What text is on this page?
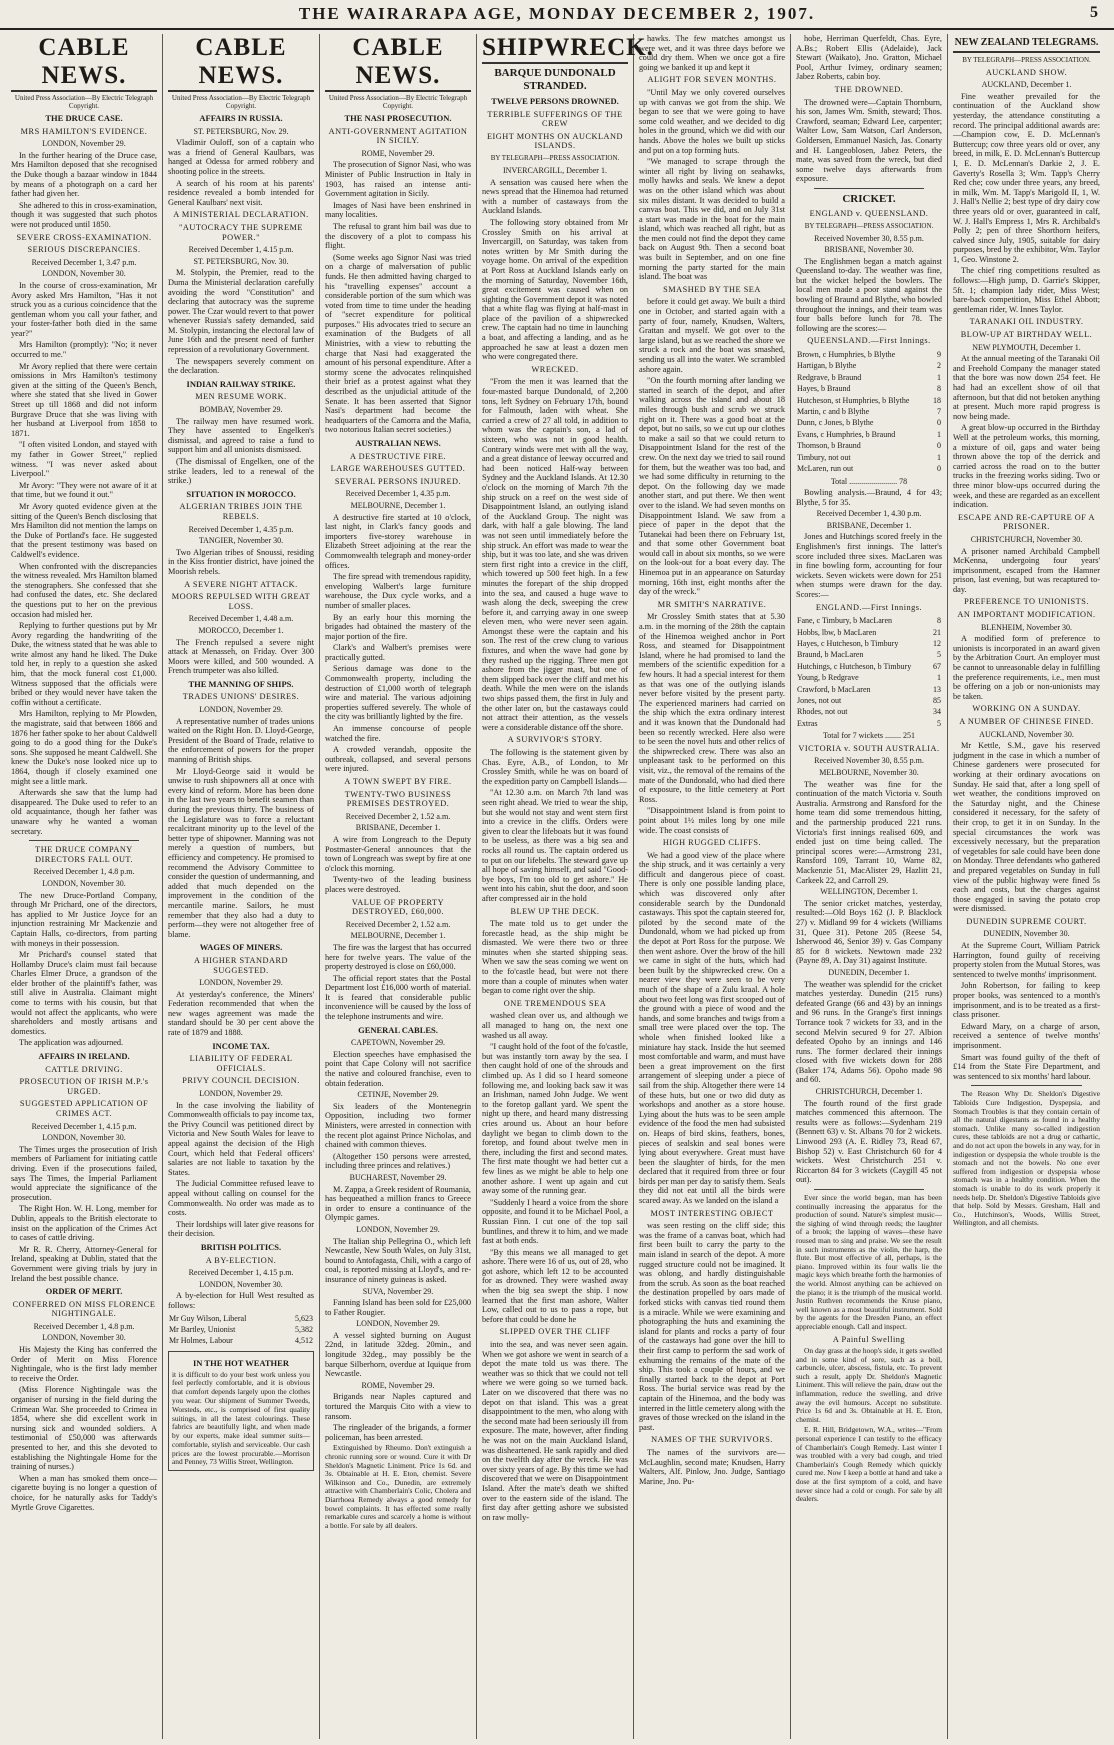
THE WAIRARAPA AGE, MONDAY DECEMBER 2, 1907.	5
CABLE NEWS.
United Press Association—By Electric Telegraph Copyright.
THE DRUCE CASE.
MRS HAMILTON'S EVIDENCE.
LONDON, November 29.

In the further hearing of the Druce case, Mrs Hamilton deposed that she recognised the Duke though a bazaar window in 1844 by means of a photograph on a card her father had given her.

She adhered to this in cross-examination, though it was suggested that such photos were not produced until 1850.

SEVERE CROSS-EXAMINATION.
SERIOUS DISCREPANCIES.
Received December 1, 3.47 p.m.
LONDON, November 30.

In the course of cross-examination, Mr Avory asked Mrs Hamilton, "Has it not struck you as a curious coincidence that the gentleman whom you call your father, and your foster-father both died in the same year?"

Mrs Hamilton (promptly): "No; it never occurred to me."

Mr Avory replied that there were certain omissions in Mrs Hamilton's testimony given at the sitting of the Queen's Bench, where she stated that she lived in Gower Street up till 1868 and did not inform Burgrave Druce that she was living with her husband at Liverpool from 1858 to 1871.

"I often visited London, and stayed with my father in Gower Street," replied witness. "I was never asked about Liverpool."

Mr Avory: "They were not aware of it at that time, but we found it out."

Mr Avory quoted evidence given at the sitting of the Queen's Bench disclosing that Mrs Hamilton did not mention the lamps on the Duke of Portland's face. He suggested that the present testimony was based on Caldwell's evidence.

When confronted with the discrepancies the witness revealed. Mrs Hamilton blamed the stenographers. She confessed that she had confused the dates, etc. She declared the questions put to her on the previous occasion had misled her.

Replying to further questions put by Mr Avory regarding the handwriting of the Duke, the witness stated that he was able to write almost any hand he liked. The Duke told her, in reply to a question she asked him, that the mock funeral cost £1,000. Witness supposed that the officials were bribed or they would never have taken the coffin without a certificate.

Mrs Hamilton, replying to Mr Plowden, the magistrate, said that between 1866 and 1876 her father spoke to her about Caldwell going to do a good thing for the Duke's sons. She supposed he meant Caldwell. She knew the Duke's nose looked nice up to 1864, though if closely examined one might see a little mark.

Afterwards she saw that the lump had disappeared. The Duke used to refer to an old acquaintance, though her father was unaware why he wanted a woman secretary.

THE DRUCE COMPANY DIRECTORS FALL OUT.
Received December 1, 4.8 p.m.
LONDON, November 30.

The new Druce-Portland Company, through Mr Prichard, one of the directors, has applied to Mr Justice Joyce for an injunction restraining Mr Mackenzie and Captain Halls, co-directors, from parting with moneys in their possession.

Mr Prichard's counsel stated that Hollamby Druce's claim must fail because Charles Elmer Druce, a grandson of the elder brother of the plaintiff's father, was still alive in Australia. Claimant might come to terms with his cousin, but that would not affect the applicants, who were shareholders and mostly artisans and domestics.

The application was adjourned.

AFFAIRS IN IRELAND.
CATTLE DRIVING.
PROSECUTION OF IRISH M.P.'s URGED.
SUGGESTED APPLICATION OF CRIMES ACT.
Received December 1, 4.15 p.m.
LONDON, November 30.

The Times urges the prosecution of Irish members of Parliament for initiating cattle driving. Even if the prosecutions failed, says The Times, the Imperial Parliament would appreciate the significance of the prosecution.

The Right Hon. W. H. Long, member for Dublin, appeals to the British electorate to insist on the application of the Crimes Act to cases of cattle driving.

Mr R. R. Cherry, Attorney-General for Ireland, speaking at Dublin, stated that the Government were giving trials by jury in Ireland the best possible chance.

ORDER OF MERIT.
CONFERRED ON MISS FLORENCE NIGHTINGALE.
Received December 1, 4.8 p.m.
LONDON, November 30.

His Majesty the King has conferred the Order of Merit on Miss Florence Nightingale, who is the first lady member to receive the Order.

(Miss Florence Nightingale was the organiser of nursing in the field during the Crimean War. She proceeded to Crimea in 1854, where she did excellent work in nursing sick and wounded soldiers. A testimonial of £50,000 was afterwards presented to her, and this she devoted to establishing the Nightingale Home for the training of nurses.)

When a man has smoked them once—cigarette buying is no longer a question of choice, for he naturally asks for Taddy's Myrtle Grove Cigarettes.

CABLE NEWS.
United Press Association—By Electric Telegraph Copyright.
AFFAIRS IN RUSSIA.
ST. PETERSBURG, Nov. 29.

Vladimir Ouloff, son of a captain who was a friend of General Kaulbars, was hanged at Odessa for armed robbery and shooting police in the streets.

A search of his room at his parents' residence revealed a bomb intended for General Kaulbars' next visit.

A MINISTERIAL DECLARATION.
"AUTOCRACY THE SUPREME POWER."
Received December 1, 4.15 p.m.
ST. PETERSBURG, Nov. 30.

M. Stolypin, the Premier, read to the Duma the Ministerial declaration carefully avoiding the word "Constitution" and declaring that autocracy was the supreme power. The Czar would revert to that power whenever Russia's safety demanded, said M. Stolypin, instancing the electoral law of June 16th and the present need of further repression of a revolutionary Government.

The newspapers severely comment on the declaration.

INDIAN RAILWAY STRIKE.
MEN RESUME WORK.
BOMBAY, November 29.

The railway men have resumed work. They have assented to Engelken's dismissal, and agreed to raise a fund to support him and all unionists dismissed.

(The dismissal of Engelken, one of the strike leaders, led to a renewal of the strike.)

SITUATION IN MOROCCO.
ALGERIAN TRIBES JOIN THE REBELS.
Received December 1, 4.35 p.m.
TANGIER, November 30.

Two Algerian tribes of Snoussi, residing in the Kiss frontier district, have joined the Moorish rebels.

A SEVERE NIGHT ATTACK.
MOORS REPULSED WITH GREAT LOSS.
Received December 1, 4.48 a.m.
MOROCCO, December 1.

The French repulsed a severe night attack at Menasseh, on Friday. Over 300 Moors were killed, and 500 wounded. A French trumpeter was also killed.

THE MANNING OF SHIPS.
TRADES UNIONS' DESIRES.
LONDON, November 29.

A representative number of trades unions waited on the Right Hon. D. Lloyd-George, President of the Board of Trade, relative to the enforcement of powers for the proper manning of British ships.

Mr Lloyd-George said it would be unwise to rush shipowners all at once with every kind of reform. More has been done in the last two years to benefit seamen than during the previous thirty. The business of the Legislature was to force a reluctant recalcitrant minority up to the level of the better type of shipowner. Manning was not merely a question of numbers, but efficiency and competency. He promised to recommend the Advisory Committee to consider the question of undermanning, and added that much depended on the improvement in the condition of the mercantile marine. Sailors, he must remember that they also had a duty to perform—they were not altogether free of blame.

WAGES OF MINERS.
A HIGHER STANDARD SUGGESTED.
LONDON, November 29.

At yesterday's conference, the Miners' Federation recommended that when the new wages agreement was made the standard should be 30 per cent above the rate of 1879 and 1888.

INCOME TAX.
LIABILITY OF FEDERAL OFFICIALS.
PRIVY COUNCIL DECISION.
LONDON, November 29.

In the case involving the liability of Commonwealth officials to pay income tax, the Privy Council was petitioned direct by Victoria and New South Wales for leave to appeal against the decision of the High Court, which held that Federal officers' salaries are not liable to taxation by the States.

The Judicial Committee refused leave to appeal without calling on counsel for the Commonwealth. No order was made as to costs.

Their lordships will later give reasons for their decision.

BRITISH POLITICS.
A BY-ELECTION.
Received December 1, 4.15 p.m.
LONDON, November 30.

A by-election for Hull West resulted as follows:

Mr Guy Wilson, Liberal	5,623
Mr Bartley, Unionist	5,382
Mr Holmes, Labour	4,512
IN THE HOT WEATHER
it is difficult to do your best work unless you feel perfectly comfortable, and it is obvious that comfort depends largely upon the clothes you wear. Our shipment of Summer Tweeds, Worsteds, etc., is comprised of first quality suitings, in all the latest colourings. These fabrics are beautifully light, and when made by our experts, make ideal summer suits—comfortable, stylish and serviceable. Our cash prices are the lowest procurable.—Morrison and Penney, 73 Willis Street, Wellington.
CABLE NEWS.
United Press Association—By Electric Telegraph Copyright.
THE NASI PROSECUTION.
ANTI-GOVERNMENT AGITATION IN SICILY.
ROME, November 29.

The prosecution of Signor Nasi, who was Minister of Public Instruction in Italy in 1903, has raised an intense anti-Government agitation in Sicily.

Images of Nasi have been enshrined in many localities.

The refusal to grant him bail was due to the discovery of a plot to compass his flight.

(Some weeks ago Signor Nasi was tried on a charge of malversation of public funds. He then admitted having charged to his "travelling expenses" account a considerable portion of the sum which was voted from time to time under the heading of "secret expenditure for political purposes." His advocates tried to secure an examination of the Budgets of all Ministries, with a view to rebutting the charge that Nasi had exaggerated the amount of his personal expenditure. After a stormy scene the advocates relinquished their brief as a protest against what they described as the unjudicial attitude of the Senate. It has been asserted that Signor Nasi's department had become the headquarters of the Camorra and the Mafia, two notorious Italian secret societies.)

AUSTRALIAN NEWS.
A DESTRUCTIVE FIRE.
LARGE WAREHOUSES GUTTED.
SEVERAL PERSONS INJURED.
Received December 1, 4.35 p.m.
MELBOURNE, December 1.

A destructive fire started at 10 o'clock, last night, in Clark's fancy goods and importers five-storey warehouse in Elizabeth Street adjoining at the rear the Commonwealth telegraph and money-order offices.

The fire spread with tremendous rapidity, enveloping Walbert's large furniture warehouse, the Dux cycle works, and a number of smaller places.

By an early hour this morning the brigades had obtained the mastery of the major portion of the fire.

Clark's and Walbert's premises were practically gutted.

Serious damage was done to the Commonwealth property, including the destruction of £1,000 worth of telegraph wire and material. The various adjoining properties suffered severely. The whole of the city was brilliantly lighted by the fire.

An immense concourse of people watched the fire.

A crowded verandah, opposite the outbreak, collapsed, and several persons were injured.

A TOWN SWEPT BY FIRE.
TWENTY-TWO BUSINESS PREMISES DESTROYED.
Received December 2, 1.52 a.m.
BRISBANE, December 1.

A wire from Longreach to the Deputy Postmaster-General announces that the town of Longreach was swept by fire at one o'clock this morning.

Twenty-two of the leading business places were destroyed.

VALUE OF PROPERTY DESTROYED, £60,000.
Received December 2, 1.52 a.m.
MELBOURNE, December 1.

The fire was the largest that has occurred here for twelve years. The value of the property destroyed is close on £60,000.

The official report states that the Postal Department lost £16,000 worth of material. It is feared that considerable public inconvenience will be caused by the loss of the telephone instruments and wire.

GENERAL CABLES.
CAPETOWN, November 29.

Election speeches have emphasised the point that Cape Colony will not sacrifice the native and coloured franchise, even to obtain federation.

CETINJE, November 29.

Six leaders of the Montenegrin Opposition, including two former Ministers, were arrested in connection with the recent plot against Prince Nicholas, and chained with common thieves.

(Altogether 150 persons were arrested, including three princes and relatives.)

BUCHAREST, November 29.

M. Zappa, a Greek resident of Roumania, has bequeathed a million francs to Greece in order to ensure a continuance of the Olympic games.

LONDON, November 29.

The Italian ship Pellegrina O., which left Newcastle, New South Wales, on July 31st, bound to Antofagasta, Chili, with a cargo of coal, is reported missing at Lloyd's, and re-insurance of ninety guineas is asked.

SUVA, November 29.

Fanning Island has been sold for £25,000 to Father Rougier.

LONDON, November 29.

A vessel sighted burning on August 22nd, in latitude 32deg. 20min., and longitude 32deg., may possibly be the barque Silberhorn, overdue at Iquique from Newcastle.

ROME, November 29.

Brigands near Naples captured and tortured the Marquis Cito with a view to ransom.

The ringleader of the brigands, a former policeman, has been arrested.

Extinguished by Rheumo. Don't extinguish a chronic running sore or wound. Cure it with Dr Sheldon's Magnetic Liniment. Price 1s 6d. and 3s. Obtainable at H. E. Eton, chemist. Severe Wilkinson and Co., Dunedin, are extremely attractive with Chamberlain's Colic, Cholera and Diarrhoea Remedy always a good remedy for bowel complaints. It has effected some really remarkable cures and scarcely a home is without a bottle. For sale by all dealers.

SHIPWRECK.
BARQUE DUNDONALD STRANDED.
TWELVE PERSONS DROWNED.
TERRIBLE SUFFERINGS OF THE CREW
EIGHT MONTHS ON AUCKLAND ISLANDS.
BY TELEGRAPH—PRESS ASSOCIATION.
INVERCARGILL, December 1.

A sensation was caused here when the news spread that the Hinemoa had returned with a number of castaways from the Auckland Islands.

The following story obtained from Mr Crossley Smith on his arrival at Invercargill, on Saturday, was taken from notes written by Mr Smith during the voyage home. On arrival of the expedition at Port Ross at Auckland Islands early on the morning of Saturday, November 16th, great excitement was caused when on sighting the Government depot it was noted that a white flag was flying at half-mast in place of the pavilion of a shipwrecked crew. The captain had no time in launching a boat, and affecting a landing, and as he approached he saw at least a dozen men who were congregated there.

WRECKED.

"From the men it was learned that the four-masted barque Dundonald, of 2,200 tons, left Sydney on February 17th, bound for Falmouth, laden with wheat. She carried a crew of 27 all told, in addition to whom was the captain's son, a lad of sixteen, who was not in good health. Contrary winds were met with all the way, and a great distance of leeway occurred and had been noticed Half-way between Sydney and the Auckland Islands. At 12.30 o'clock on the morning of March 7th the ship struck on a reef on the west side of Disappointment Island, an outlying island of the Auckland Group. The night was dark, with half a gale blowing. The land was not seen until immediately before the ship struck. An effort was made to wear the ship, but it was too late, and she was driven stern first right into a crevice in the cliff, which towered up 500 feet high. In a few minutes the forepart of the ship dropped into the sea, and caused a huge wave to wash along the deck, sweeping the crew before it, and carrying away in one sweep eleven men, who were never seen again. Amongst these were the captain and his son. The rest of the crew clung to various fixtures, and when the wave had gone by they rushed up the rigging. Three men got ashore from the jigger mast, but one of them slipped back over the cliff and met his death. While the men were on the islands two ships passed them, the first in July and the other later on, but the castaways could not attract their attention, as the vessels were a considerable distance off the shore.

A SURVIVOR'S STORY.

The following is the statement given by Chas. Eyre, A.B., of London, to Mr Crossley Smith, while he was on board of the expedition party on Campbell Islands—

"At 12.30 a.m. on March 7th land was seen right ahead. We tried to wear the ship, but she would not stay and went stern first into a crevice in the cliffs. Orders were given to clear the lifeboats but it was found to be useless, as there was a big sea and rocks all round us. The captain ordered us to put on our lifebelts. The steward gave up all hope of saving himself, and said "Good-bye boys, I'm too old to get ashore." He went into his cabin, shut the door, and soon after compressed air in the hold

BLEW UP THE DECK.

The mate told us to get under the forecastle head, as the ship might be dismasted. We were there two or three minutes when she started shipping seas. When we saw the seas coming we went on to the fo'castle head, but were not there more than a couple of minutes when water began to come right over the ship.

ONE TREMENDOUS SEA

washed clean over us, and although we all managed to hang on, the next one washed us all away.

"I caught hold of the foot of the fo'castle, but was instantly torn away by the sea. I then caught hold of one of the shrouds and climbed up. As I did so I heard someone following me, and looking back saw it was an Irishman, named John Judge. We went to the foretop gallant yard. We spent the night up there, and heard many distressing cries around us. About an hour before daylight we began to climb down to the foretop, and found about twelve men in there, including the first and second mates. The first mate thought we had better cut a few lines as we might be able to help one another ashore. I went up again and cut away some of the running gear.

"Suddenly I heard a voice from the shore opposite, and found it to be Michael Pool, a Russian Finn. I cut one of the top sail buntlines, and threw it to him, and we made fast at both ends.

"By this means we all managed to get ashore. There were 16 of us, out of 28, who got ashore, which left 12 to be accounted for as drowned. They were washed away when the big sea swept the ship. I now learned that the first man ashore, Walter Low, called out to us to pass a rope, but before that could be done he

SLIPPED OVER THE CLIFF

into the sea, and was never seen again. When we got ashore we went in search of a depot the mate told us was there. The weather was so thick that we could not tell where we were going so we turned back. Later on we discovered that there was no depot on that island. This was a great disappointment to the men, who along with the second mate had been seriously ill from exposure. The mate, however, after finding he was not on the main Auckland Island, was disheartened. He sank rapidly and died on the twelfth day after the wreck. He was over sixty years of age. By this time we had discovered that we were on Disappointment Island. After the mate's death we shifted over to the eastern side of the island. The first day after getting ashore we subsisted on raw molly-

hawks. The few matches amongst us were wet, and it was three days before we could dry them. When we once got a fire going we banked it up and kept it

ALIGHT FOR SEVEN MONTHS.

"Until May we only covered ourselves up with canvas we got from the ship. We began to see that we were going to have some cold weather, and we decided to dig holes in the ground, which we did with our hands. Above the holes we built up sticks and put on a top forming huts.

"We managed to scrape through the winter all right by living on seahawks, molly hawks and seals. We knew a depot was on the other island which was about six miles distant. It was decided to build a canvas boat. This we did, and on July 31st a start was made in the boat for the main island, which was reached all right, but as the men could not find the depot they came back on August 9th. Then a second boat was built in September, and on one fine morning the party started for the main island. The boat was

SMASHED BY THE SEA

before it could get away. We built a third one in October, and started again with a party of four, namely, Knudsen, Walters, Grattan and myself. We got over to the large island, but as we reached the shore we struck a rock and the boat was smashed, sending us all into the water. We scrambled ashore again.

"On the fourth morning after landing we started in search of the depot, and after walking across the island and about 18 miles through bush and scrub we struck right on it. There was a good boat at the depot, but no sails, so we cut up our clothes to make a sail so that we could return to Disappointment Island for the rest of the crew. On the next day we tried to sail round for them, but the weather was too bad, and we had some difficulty in returning to the depot. On the following day we made another start, and put there. We then went over to the island. We had seven months on Disappointment Island. We saw from a piece of paper in the depot that the Tutanekai had been there on February 1st, and that some other Government boat would call in about six months, so we were on the look-out for a boat every day. The Hinemoa put in an appearance on Saturday morning, 16th inst, eight months after the day of the wreck."

MR SMITH'S NARRATIVE.

Mr Crossley Smith states that at 5.30 a.m. in the morning of the 28th the captain of the Hinemoa weighed anchor in Port Ross, and steamed for Disappointment Island, where he had promised to land the members of the scientific expedition for a few hours. It had a special interest for them as that was one of the outlying islands never before visited by the present party. The experienced mariners had carried on the ship which the extra ordinary interest and it was known that the Dundonald had been so recently wrecked. Here also were to be seen the novel huts and other relics of the shipwrecked crew. There was also an unpleasant task to be performed on this visit, viz., the removal of the remains of the mate of the Dundonald, who had died there of exposure, to the little cemetery at Port Ross.

"Disappointment Island is from point to point about 1½ miles long by one mile wide. The coast consists of

HIGH RUGGED CLIFFS.

We had a good view of the place where the ship struck, and it was certainly a very difficult and dangerous piece of coast. There is only one possible landing place, which was discovered only after considerable search by the Dundonald castaways. This spot the captain steered for, piloted by the second mate of the Dundonald, whom we had picked up from the depot at Port Ross for the purpose. We then went ashore. Over the brow of the hill we came in sight of the huts, which had been built by the shipwrecked crew. On a nearer view they were seen to be very much of the shape of a Zulu kraal. A hole about two feet long was first scooped out of the ground with a piece of wood and the hands, and some branches and twigs from a small tree were placed over the top. The whole when finished looked like a miniature hay stack. Inside the hut seemed most comfortable and warm, and must have been a great improvement on the first arrangement of sleeping under a piece of sail from the ship. Altogether there were 14 of these huts, but one or two did duty as workshops and another as a store house. Lying about the huts was to be seen ample evidence of the food the men had subsisted on. Heaps of bird skins, feathers, bones, pieces of sealskin and seal bones were lying about everywhere. Great must have been the slaughter of birds, for the men declared that it required from three or four birds per man per day to satisfy them. Seals they did not eat until all the birds were scared away. As we landed on the island a

MOST INTERESTING OBJECT

was seen resting on the cliff side; this was the frame of a canvas boat, which had first been built to carry the party to the main island in search of the depot. A more rugged structure could not be imagined. It was oblong, and hardly distinguishable from the scrub. As soon as the boat reached the destination propelled by oars made of forked sticks with canvas tied round them is a miracle. While we were examining and photographing the huts and examining the island for plants and rocks a party of four of the castaways had gone over the hill to their first camp to perform the sad work of exhuming the remains of the mate of the ship. This took a couple of hours, and we finally started back to the depot at Port Ross. The burial service was read by the captain of the Hinemoa, and the body was interred in the little cemetery along with the graves of those wrecked on the island in the past.

NAMES OF THE SURVIVORS.

The names of the survivors are—McLaughlin, second mate; Knudsen, Harry Walters, Alf. Pinlow, Jno. Judge, Santiago Marine, Jno. Pu-

hobe, Herriman Querfeldt, Chas. Eyre, A.Bs.; Robert Ellis (Adelaide), Jack Stewart (Waikato), Jno. Gratton, Michael Pool, Arthur Ivimey, ordinary seamen; Jabez Roberts, cabin boy.

THE DROWNED.

The drowned were—Captain Thornburn, his son, James Wm. Smith, steward; Thos. Crawford, seaman; Edward Lee, carpenter; Walter Low, Sam Watson, Carl Anderson, Goldersen, Emmanuel Nasich, Jas. Conarty and H. Langeoblosen, Jabez Peters, the mate, was saved from the wreck, but died some twelve days afterwards from exposure.

CRICKET.
ENGLAND v. QUEENSLAND.
BY TELEGRAPH—PRESS ASSOCIATION.
Received November 30, 8.55 p.m.
BRISBANE, November 30.

The Englishmen began a match against Queensland to-day. The weather was fine, but the wicket helped the bowlers. The local men made a poor stand against the bowling of Braund and Blythe, who bowled throughout the innings, and their team was four balls before lunch for 78. The following are the scores:—

QUEENSLAND.—First Innings.
Brown, c Humphries, b Blythe	9
Hartigan, b Blythe	2
Redgrave, b Braund	1
Hayes, b Braund	8
Hutcheson, st Humphries, b Blythe	18
Martin, c and b Blythe	7
Dunn, c Jones, b Blythe	0
Evans, c Humphries, b Braund	1
Thomson, b Braund	0
Timbury, not out	1
McLaren, run out	0
Total ........................ 78

Bowling analysis.—Braund, 4 for 43; Blythe, 5 for 35.

Received December 1, 4.30 p.m.
BRISBANE, December 1.

Jones and Hutchings scored freely in the Englishmen's first innings. The latter's score included three sixes. MacLaren was in fine bowling form, accounting for four wickets. Seven wickets were down for 251 when stumps were drawn for the day. Scores:—

ENGLAND.—First Innings.
Fane, c Timbury, b MacLaren	8
Hobbs, lbw, b MacLaren	21
Hayes, c Hutcheson, b Timbury	12
Braund, b MacLaren	5
Hutchings, c Hutcheson, b Timbury	67
Young, b Redgrave	1
Crawford, b MacLaren	13
Jones, not out	85
Rhodes, not out	34
Extras	5
Total for 7 wickets ........ 251
VICTORIA v. SOUTH AUSTRALIA.
Received November 30, 8.55 p.m.
MELBOURNE, November 30.

The weather was fine for the continuation of the match Victoria v. South Australia. Armstrong and Ransford for the home team did some tremendous hitting, and the partnership produced 221 runs. Victoria's first innings realised 609, and ended just on time being called. The principal scores were:—Armstrong 231, Ransford 109, Tarrant 10, Warne 82, Mackenzie 51, MacAlister 29, Hazlitt 21, Carkeek 22, and Carroll 29.

WELLINGTON, December 1.

The senior cricket matches, yesterday, resulted:—Old Boys 162 (J. P. Blacklock 27) v. Midland 99 for 4 wickets (Williams 31, Quee 31). Petone 205 (Reese 54, Isherwood 46, Senior 39) v. Gas Company 85 for 8 wickets. Newtown made 232 (Payne 89, A. Day 31) against Institute.

DUNEDIN, December 1.

The weather was splendid for the cricket matches yesterday. Dunedin (215 runs) defeated Grange (66 and 43) by an innings and 96 runs. In the Grange's first innings Torrance took 7 wickets for 33, and in the second Melvin secured 9 for 27. Albion defeated Opoho by an innings and 146 runs. The former declared their innings closed with five wickets down for 288 (Baker 174, Adams 56). Opoho made 98 and 60.

CHRISTCHURCH, December 1.

The fourth round of the first grade matches commenced this afternoon. The results were as follows:—Sydenham 219 (Bennett 63) v. St. Albans 70 for 2 wickets. Linwood 293 (A. E. Ridley 73, Read 67, Bishop 52) v. East Christchurch 60 for 4 wickets. West Christchurch 251 v. Riccarton 84 for 3 wickets (Caygill 45 not out).

Ever since the world began, man has been continually increasing the apparatus for the production of sound. Nature's simplest music—the sighing of wind through reeds; the laughter of a brook; the lapping of waves—these have roused man to sing and praise. We see the result in such instruments as the violin, the harp, the flute. But most effective of all, perhaps, is the piano. Improved within its four walls lie the magic keys which breathe forth the harmonies of the world. Almost anything can be achieved on the piano; it is the triumph of the musical world. Justin Ruthven recommends the Kruse piano, well known as a most beautiful instrument. Sold by the agents for the Dresden Piano, an effect appreciable enough. Call and inspect.

A Painful Swelling

On day grass at the hoop's side, it gets swelled and in some kind of sore, such as a boil, carbuncle, ulcer, abscess, fistula, etc. To prevent such a result, apply Dr. Sheldon's Magnetic Liniment. This will relieve the pain, draw out the inflammation, reduce the swelling, and drive away the evil humours. Accept no substitute. Price 1s 6d and 3s. Obtainable at H. E. Eton, chemist.

E. R. Hill, Bridgetown, W.A., writes—"From personal experience I can testify to the efficacy of Chamberlain's Cough Remedy. Last winter I was troubled with a very bad cough, and tried Chamberlain's Cough Remedy which quickly cured me. Now I keep a bottle at hand and take a dose at the first symptom of a cold, and have never since had a cold or cough. For sale by all dealers.

NEW ZEALAND TELEGRAMS.
BY TELEGRAPH—PRESS ASSOCIATION.
AUCKLAND SHOW.
AUCKLAND, December 1.

Fine weather prevailed for the continuation of the Auckland show yesterday, the attendance constituting a record. The principal additional awards are:—Champion cow, E. D. McLennan's Buttercup; cow three years old or over, any breed, in milk, E. D. McLennan's Buttercup I, E. D. McLennan's Darkie 2, J. E. Gaverty's Rosella 3; Wm. Tapp's Cherry Red che; cow under three years, any breed, in milk, Wm. M. Tapp's Marigold II, 1, W. J. Hall's Nellie 2; best type of dry dairy cow three years old or over, guaranteed in calf, W. J. Hall's Empress 1, Mrs R. Archibald's Polly 2; pen of three Shorthorn heifers, calved since July, 1905, suitable for dairy purposes, bred by the exhibitor, Wm. Taylor 1, Geo. Winstone 2.

The chief ring competitions resulted as follows:—High jump, D. Garrie's Skipper, 5ft. 1; champion lady rider, Miss West; bare-back competition, Miss Ethel Abbott; gentleman rider, W. Innes Taylor.

TARANAKI OIL INDUSTRY.
BLOW-UP AT BIRTHDAY WELL.
NEW PLYMOUTH, December 1.

At the annual meeting of the Taranaki Oil and Freehold Company the manager stated that the bore was now down 254 feet. He had had an excellent show of oil that afternoon, but that did not betoken anything at present. Much more rapid progress is now being made.

A great blow-up occurred in the Birthday Well at the petroleum works, this morning, a mixture of oil, gaps and water being thrown above the top of the derrick and carried across the road on to the butter trucks in the freezing works siding. Two or three minor blow-ups occurred during the week, and these are regarded as an excellent indication.

ESCAPE AND RE-CAPTURE OF A PRISONER.
CHRISTCHURCH, November 30.

A prisoner named Archibald Campbell McKenna, undergoing four years' imprisonment, escaped from the Hamner prison, last evening, but was recaptured to-day.

PREFERENCE TO UNIONISTS.
AN IMPORTANT MODIFICATION.
BLENHEIM, November 30.

A modified form of preference to unionists is incorporated in an award given by the Arbitration Court. An employer must be cannot to unreasonable delay in fulfilling the preference requirements, i.e., men must be offering on a job or non-unionists may be taken.

WORKING ON A SUNDAY.
A NUMBER OF CHINESE FINED.
AUCKLAND, November 30.

Mr Kettle, S.M., gave his reserved judgment in the case in which a number of Chinese gardeners were prosecuted for working at their ordinary avocations on Sunday. He said that, after a long spell of wet weather, the conditions improved on the Saturday night, and the Chinese considered it necessary, for the safety of their crop, to get it in on Sunday. In the special circumstances the work was excessively necessary, but the preparation of vegetables for sale could have been done on Monday. Three defendants who gathered and prepared vegetables on Sunday in full view of the public highway were fined 5s each and costs, but the charges against those engaged in saving the potato crop were dismissed.

DUNEDIN SUPREME COURT.
DUNEDIN, November 30.

At the Supreme Court, William Patrick Harrington, found guilty of receiving property stolen from the Mutual Stores, was sentenced to twelve months' imprisonment.

John Robertson, for failing to keep proper books, was sentenced to a month's imprisonment, and is to be treated as a first-class prisoner.

Edward Mary, on a charge of arson, received a sentence of twelve months' imprisonment.

Smart was found guilty of the theft of £14 from the State Fire Department, and was sentenced to six months' hard labour.

The Reason Why Dr. Sheldon's Digestive Tabloids Cure Indigestion, Dyspepsia, and Stomach Troubles is that they contain certain of all the natural digestants as found in a healthy stomach. Unlike many so-called indigestion cures, these tabloids are not a drug or cathartic, and do not act upon the bowels in any way, for in indigestion or dyspepsia the whole trouble is the stomach and not the bowels. No one ever suffered from indigestion or dyspepsia whose stomach was in a healthy condition. When the stomach is unable to do its work properly it needs help. Dr. Sheldon's Digestive Tabloids give that help. Sold by Messrs. Gresham, Hall and Co., Hutchinson's, Woods, Willis Street, Wellington, and all chemists.
